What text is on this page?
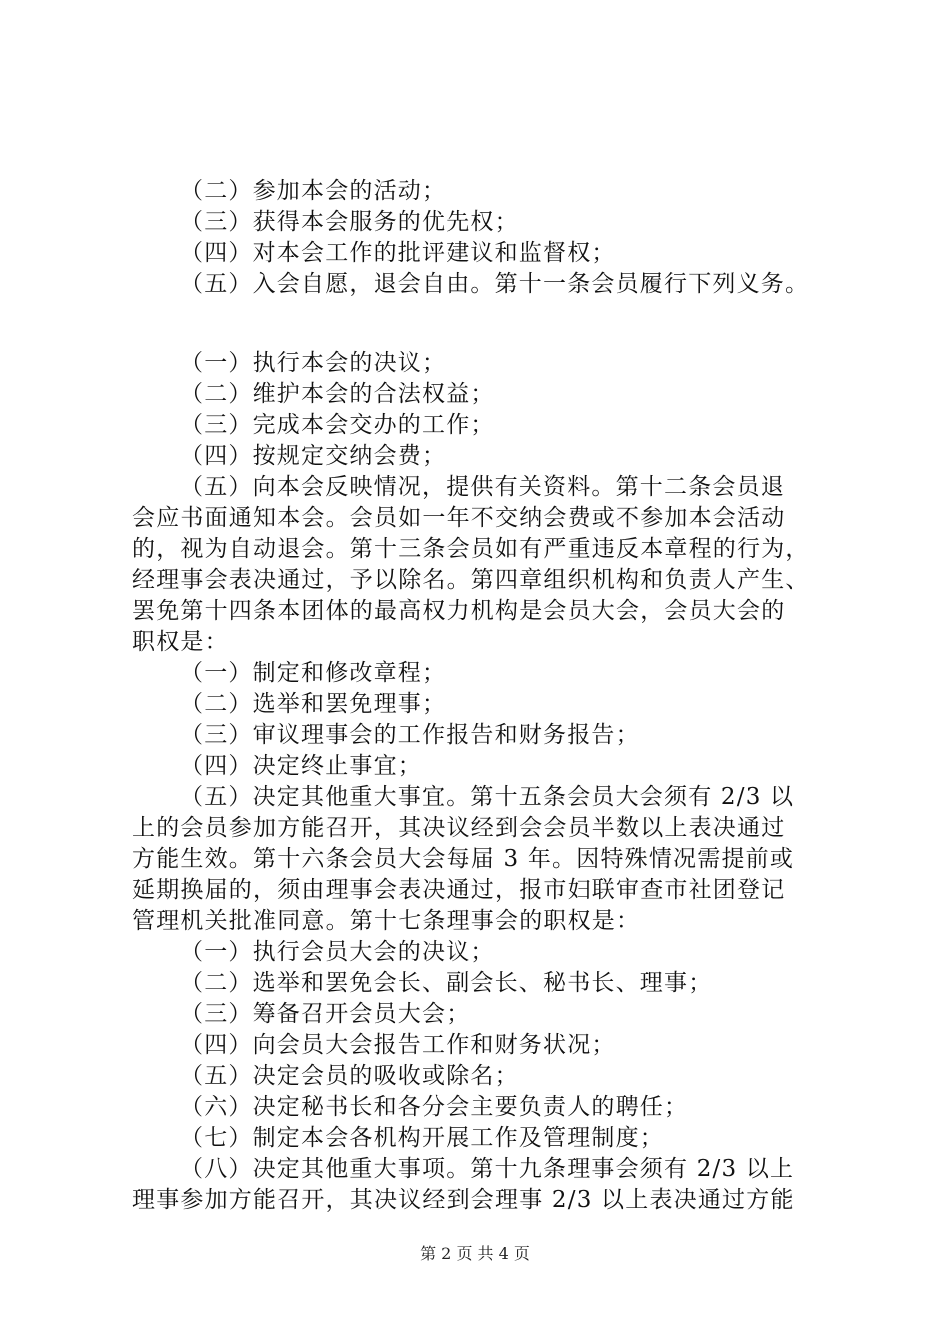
（二）参加本会的活动；
（三）获得本会服务的优先权；
（四）对本会工作的批评建议和监督权；
（五）入会自愿，退会自由。第十一条会员履行下列义务。
（一）执行本会的决议；
（二）维护本会的合法权益；
（三）完成本会交办的工作；
（四）按规定交纳会费；
（五）向本会反映情况，提供有关资料。第十二条会员退
会应书面通知本会。会员如一年不交纳会费或不参加本会活动
的，视为自动退会。第十三条会员如有严重违反本章程的行为，
经理事会表决通过，予以除名。第四章组织机构和负责人产生、
罢免第十四条本团体的最高权力机构是会员大会，会员大会的
职权是：
（一）制定和修改章程；
（二）选举和罢免理事；
（三）审议理事会的工作报告和财务报告；
（四）决定终止事宜；
（五）决定其他重大事宜。第十五条会员大会须有 2/3 以
上的会员参加方能召开，其决议经到会会员半数以上表决通过
方能生效。第十六条会员大会每届 3 年。因特殊情况需提前或
延期换届的，须由理事会表决通过，报市妇联审查市社团登记
管理机关批准同意。第十七条理事会的职权是：
（一）执行会员大会的决议；
（二）选举和罢免会长、副会长、秘书长、理事；
（三）筹备召开会员大会；
（四）向会员大会报告工作和财务状况；
（五）决定会员的吸收或除名；
（六）决定秘书长和各分会主要负责人的聘任；
（七）制定本会各机构开展工作及管理制度；
（八）决定其他重大事项。第十九条理事会须有 2/3 以上
理事参加方能召开，其决议经到会理事 2/3 以上表决通过方能
第 2 页 共 4 页
